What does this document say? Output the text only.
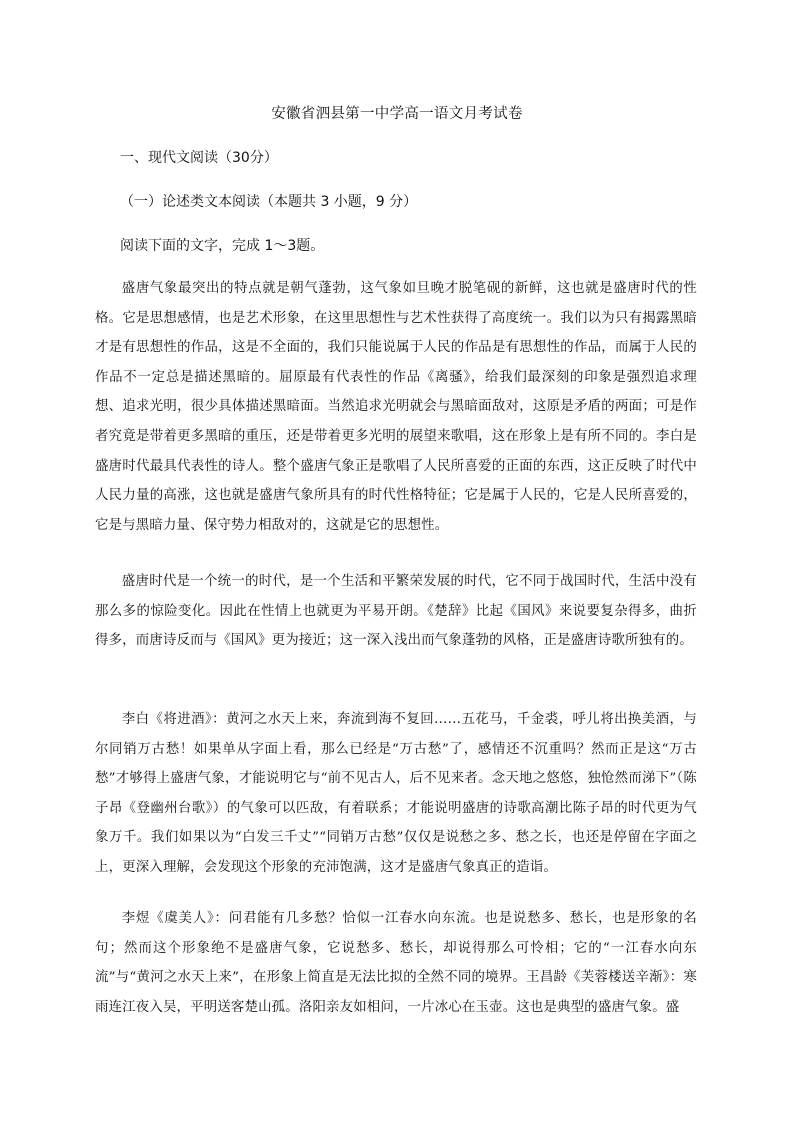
安徽省泗县第一中学高一语文月考试卷
一、现代文阅读（30分）
（一）论述类文本阅读（本题共 3 小题，9 分）
阅读下面的文字，完成 1～3题。

盛唐气象最突出的特点就是朝气蓬勃，这气象如旦晚才脱笔砚的新鲜，这也就是盛唐时代的性格。它是思想感情，也是艺术形象，在这里思想性与艺术性获得了高度统一。我们以为只有揭露黑暗才是有思想性的作品，这是不全面的，我们只能说属于人民的作品是有思想性的作品，而属于人民的作品不一定总是描述黑暗的。屈原最有代表性的作品《离骚》，给我们最深刻的印象是强烈追求理想、追求光明，很少具体描述黑暗面。当然追求光明就会与黑暗面敌对，这原是矛盾的两面；可是作者究竟是带着更多黑暗的重压，还是带着更多光明的展望来歌唱，这在形象上是有所不同的。李白是盛唐时代最具代表性的诗人。整个盛唐气象正是歌唱了人民所喜爱的正面的东西，这正反映了时代中人民力量的高涨，这也就是盛唐气象所具有的时代性格特征；它是属于人民的，它是人民所喜爱的，它是与黑暗力量、保守势力相敌对的，这就是它的思想性。

盛唐时代是一个统一的时代，是一个生活和平繁荣发展的时代，它不同于战国时代，生活中没有那么多的惊险变化。因此在性情上也就更为平易开朗。《楚辞》比起《国风》来说要复杂得多，曲折得多，而唐诗反而与《国风》更为接近；这一深入浅出而气象蓬勃的风格，正是盛唐诗歌所独有的。

李白《将进酒》：黄河之水天上来，奔流到海不复回……五花马，千金裘，呼儿将出换美酒，与尔同销万古愁！如果单从字面上看，那么已经是“万古愁”了，感情还不沉重吗？然而正是这“万古愁”才够得上盛唐气象，才能说明它与“前不见古人，后不见来者。念天地之悠悠，独怆然而涕下”（陈子昂《登幽州台歌》）的气象可以匹敌，有着联系；才能说明盛唐的诗歌高潮比陈子昂的时代更为气象万千。我们如果以为“白发三千丈”“同销万古愁”仅仅是说愁之多、愁之长，也还是停留在字面之上，更深入理解，会发现这个形象的充沛饱满，这才是盛唐气象真正的造诣。

李煜《虞美人》：问君能有几多愁？恰似一江春水向东流。也是说愁多、愁长，也是形象的名句；然而这个形象绝不是盛唐气象，它说愁多、愁长，却说得那么可怜相；它的“一江春水向东流”与“黄河之水天上来”，在形象上简直是无法比拟的全然不同的境界。王昌龄《芙蓉楼送辛渐》：寒雨连江夜入吴，平明送客楚山孤。洛阳亲友如相问，一片冰心在玉壶。这也是典型的盛唐气象。盛
